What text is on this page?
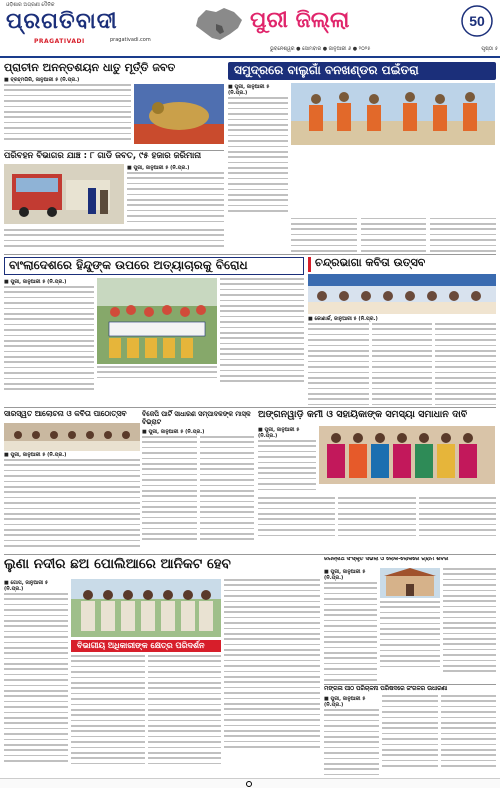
ଓଡ଼ିଶାର ଅଗ୍ରଣୀ ଦୈନିକ
ପ୍ରଗତିବାଦୀ
PRAGATIVADI	pragativadi.com
ପୁରୀ ଜିଲ୍ଲା	50
ଭୁବନେଶ୍ୱର ● ସୋମବାର ● ଜାନୁଆରୀ ୬ ● ୨୦୨୫	ପୃଷ୍ଠା ୫
ପ୍ରାଚୀନ ଅନନ୍ତଶୟନ ଧାତୁ ମୂର୍ତ୍ତି ଜବତ
■ ବ୍ରହ୍ମଗିରି, ଜାନୁଆରୀ ୫ (ନି.ପ୍ର.)
ପରିବହନ ବିଭାଗର ଯାଞ୍ଚ : ୮ ଗାଡି ଜବତ, ୯୫ ହଜାର ଜରିମାନା
■ ପୁରୀ, ଜାନୁଆରୀ ୫ (ନି.ପ୍ର.)
ସମୁଦ୍ରରେ ବାଲୁଗାଁ ବନଖଣ୍ଡର ପଇଁତରା
■ ପୁରୀ, ଜାନୁଆରୀ ୫ (ନି.ପ୍ର.)
ବାଂଲାଦେଶରେ ହିନ୍ଦୁଙ୍କ ଉପରେ ଅତ୍ୟାଚାରକୁ ବିରୋଧ
■ ପୁରୀ, ଜାନୁଆରୀ ୫ (ନି.ପ୍ର.)
ଚନ୍ଦ୍ରଭାଗା କବିତା ଉତ୍ସବ
■ କୋଣାର୍କ, ଜାନୁଆରୀ ୫ (ନି.ପ୍ର.)
ସାରସ୍ୱତ ଆଲୋଚନା ଓ କବିତା ପାଠୋତ୍ସବ
■ ପୁରୀ, ଜାନୁଆରୀ ୫ (ନି.ପ୍ର.)
ବିଜେପି ପାର୍ଟି ସାଧାରଣ ସମ୍ପାଦକଙ୍କ ମାସ୍କ ବିଭ୍ରାଟ
■ ପୁରୀ, ଜାନୁଆରୀ ୫ (ନି.ପ୍ର.)
ଅଙ୍ଗନୱାଡ଼ି କର୍ମୀ ଓ ସହାୟିକାଙ୍କ ସମସ୍ୟା ସମାଧାନ ଦାବି
■ ପୁରୀ, ଜାନୁଆରୀ ୫ (ନି.ପ୍ର.)
ଲୁଣା ନଦୀର ଛଅ ପୋଲିଆରେ ଆନିକଟ ହେବ
■ ଗୋପ, ଜାନୁଆରୀ ୫ (ନି.ପ୍ର.)
ବିଭାଗୀୟ ଅଧିକାରୀଙ୍କ କ୍ଷେତ୍ର ପରିଦର୍ଶନ
ଜଗନ୍ନାଥ ସଂସ୍କୃତି ସର୍ଭିଲା ଓ ଲୋକ-ଲୋକରେ ଗ୍ରାମ ଶିବିର
■ ପୁରୀ, ଜାନୁଆରୀ ୫ (ନି.ପ୍ର.)
ମଙ୍ଗଳା ପୀଠ ପରିଚାଳନା ପରିଷଦରେ ଜଂଗଳର ଉଧାରଣା
■ ପୁରୀ, ଜାନୁଆରୀ ୫ (ନି.ପ୍ର.)
